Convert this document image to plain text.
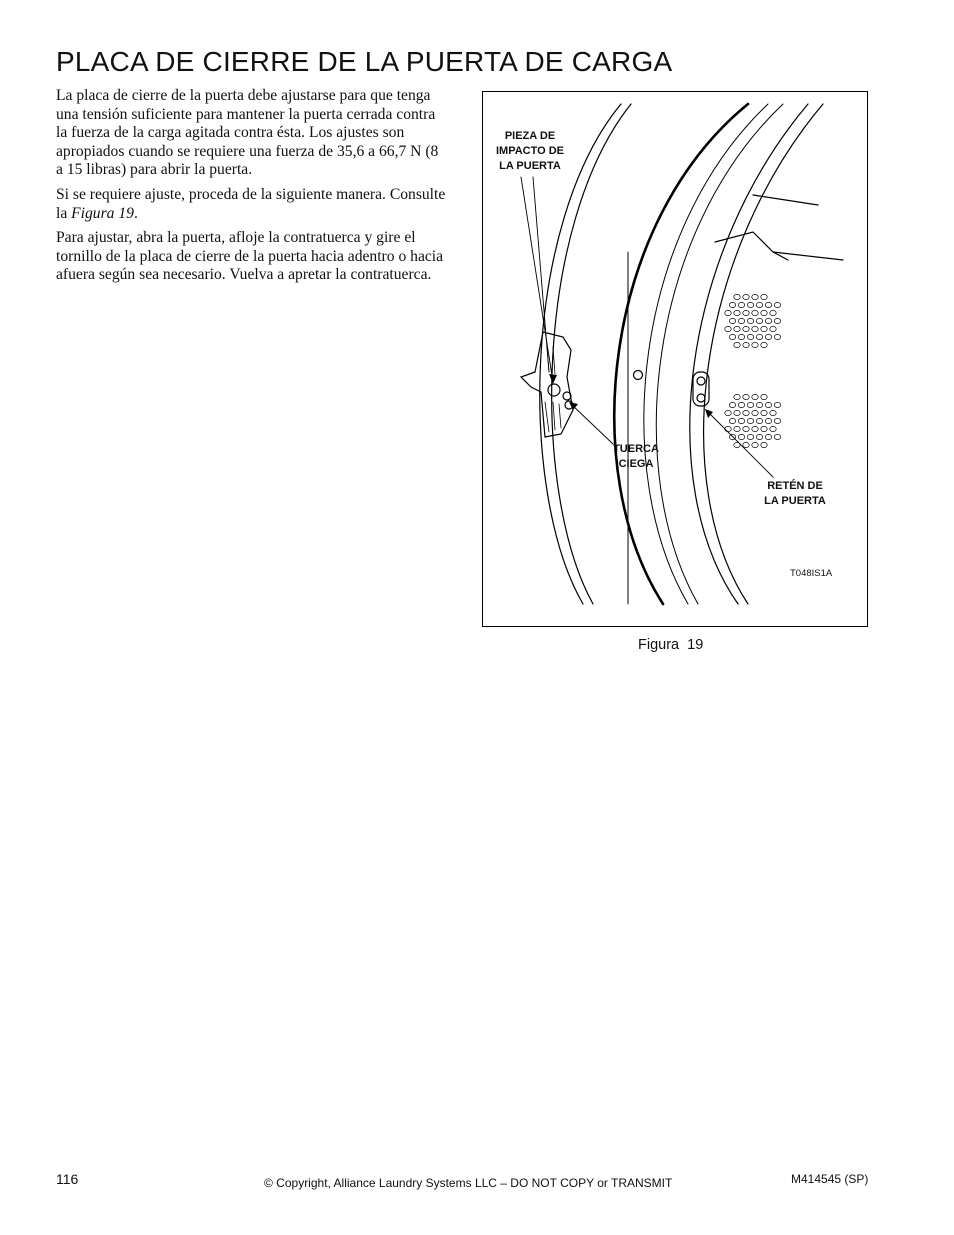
PLACA DE CIERRE DE LA PUERTA DE CARGA

La placa de cierre de la puerta debe ajustarse para que tenga una tensión suficiente para mantener la puerta cerrada contra la fuerza de la carga agitada contra ésta. Los ajustes son apropiados cuando se requiere una fuerza de 35,6 a 66,7 N (8 a 15 libras) para abrir la puerta.

Si se requiere ajuste, proceda de la siguiente manera. Consulte la Figura 19.

Para ajustar, abra la puerta, afloje la contratuerca y gire el tornillo de la placa de cierre de la puerta hacia adentro o hacia afuera según sea necesario. Vuelva a apretar la contratuerca.

PIEZA DE
IMPACTO DE
LA PUERTA
TUERCA
CIEGA
RETÉN DE
LA PUERTA
T048IS1A
Figura  19
116	© Copyright, Alliance Laundry Systems LLC – DO NOT COPY or TRANSMIT	M414545 (SP)
